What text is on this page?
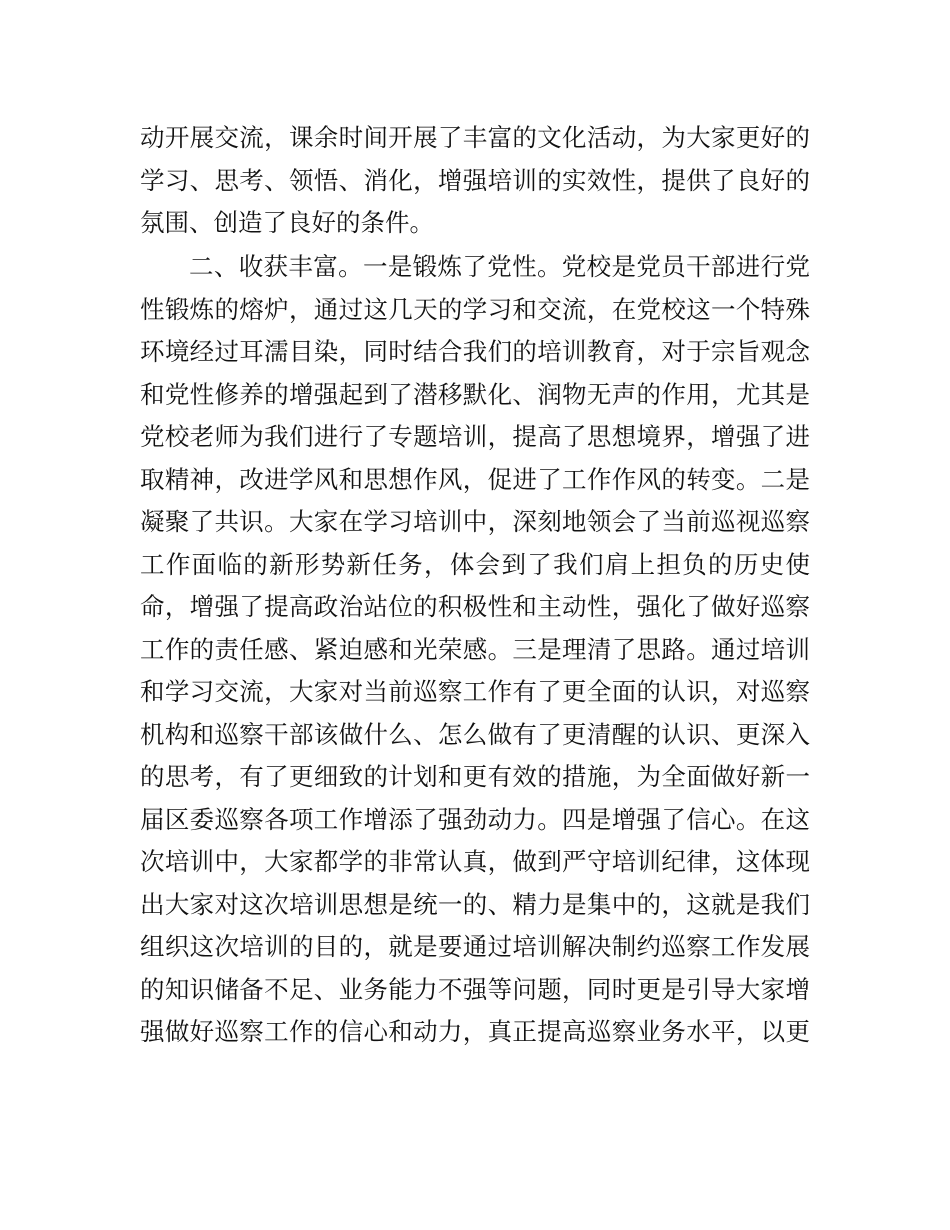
动开展交流，课余时间开展了丰富的文化活动，为大家更好的
学习、思考、领悟、消化，增强培训的实效性，提供了良好的
氛围、创造了良好的条件。
二、收获丰富。一是锻炼了党性。党校是党员干部进行党
性锻炼的熔炉，通过这几天的学习和交流，在党校这一个特殊
环境经过耳濡目染，同时结合我们的培训教育，对于宗旨观念
和党性修养的增强起到了潜移默化、润物无声的作用，尤其是
党校老师为我们进行了专题培训，提高了思想境界，增强了进
取精神，改进学风和思想作风，促进了工作作风的转变。二是
凝聚了共识。大家在学习培训中，深刻地领会了当前巡视巡察
工作面临的新形势新任务，体会到了我们肩上担负的历史使
命，增强了提高政治站位的积极性和主动性，强化了做好巡察
工作的责任感、紧迫感和光荣感。三是理清了思路。通过培训
和学习交流，大家对当前巡察工作有了更全面的认识，对巡察
机构和巡察干部该做什么、怎么做有了更清醒的认识、更深入
的思考，有了更细致的计划和更有效的措施，为全面做好新一
届区委巡察各项工作增添了强劲动力。四是增强了信心。在这
次培训中，大家都学的非常认真，做到严守培训纪律，这体现
出大家对这次培训思想是统一的、精力是集中的，这就是我们
组织这次培训的目的，就是要通过培训解决制约巡察工作发展
的知识储备不足、业务能力不强等问题，同时更是引导大家增
强做好巡察工作的信心和动力，真正提高巡察业务水平，以更
